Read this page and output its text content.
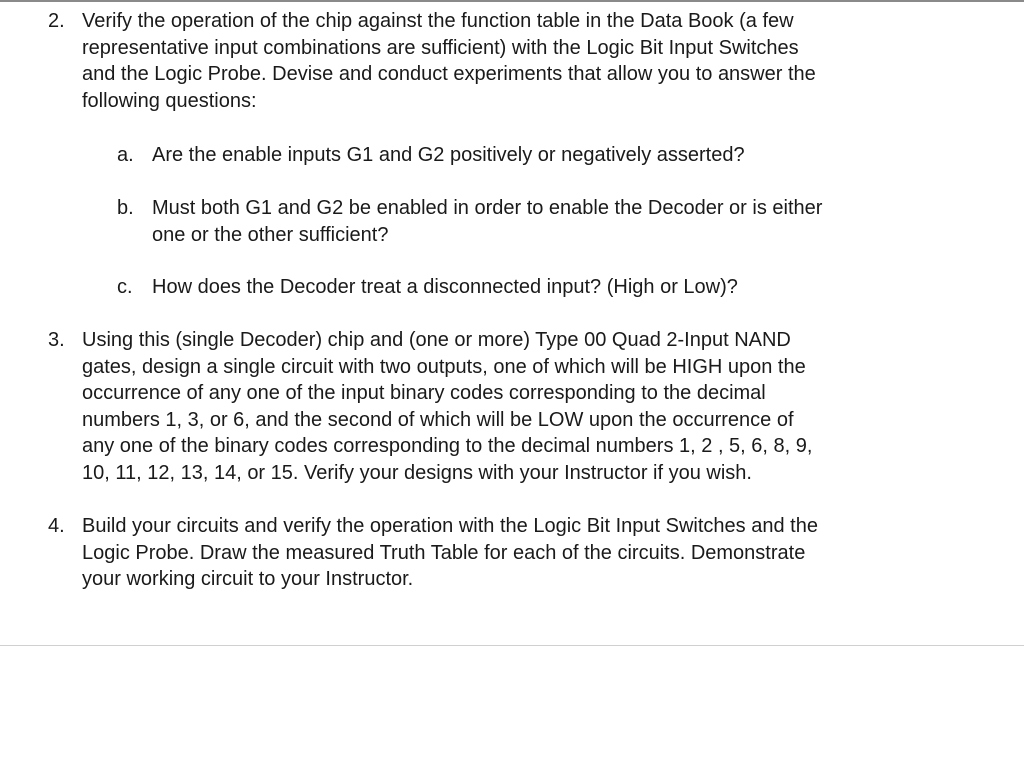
2. Verify the operation of the chip against the function table in the Data Book (a few
representative input combinations are sufficient) with the Logic Bit Input Switches
and the Logic Probe. Devise and conduct experiments that allow you to answer the
following questions:
a. Are the enable inputs G1 and G2 positively or negatively asserted?
b. Must both G1 and G2 be enabled in order to enable the Decoder or is either
one or the other sufficient?
c. How does the Decoder treat a disconnected input? (High or Low)?
3. Using this (single Decoder) chip and (one or more) Type 00 Quad 2-Input NAND
gates, design a single circuit with two outputs, one of which will be HIGH upon the
occurrence of any one of the input binary codes corresponding to the decimal
numbers 1, 3, or 6, and the second of which will be LOW upon the occurrence of
any one of the binary codes corresponding to the decimal numbers 1, 2 , 5, 6, 8, 9,
10, 11, 12, 13, 14, or 15. Verify your designs with your Instructor if you wish.
4. Build your circuits and verify the operation with the Logic Bit Input Switches and the
Logic Probe. Draw the measured Truth Table for each of the circuits. Demonstrate
your working circuit to your Instructor.
